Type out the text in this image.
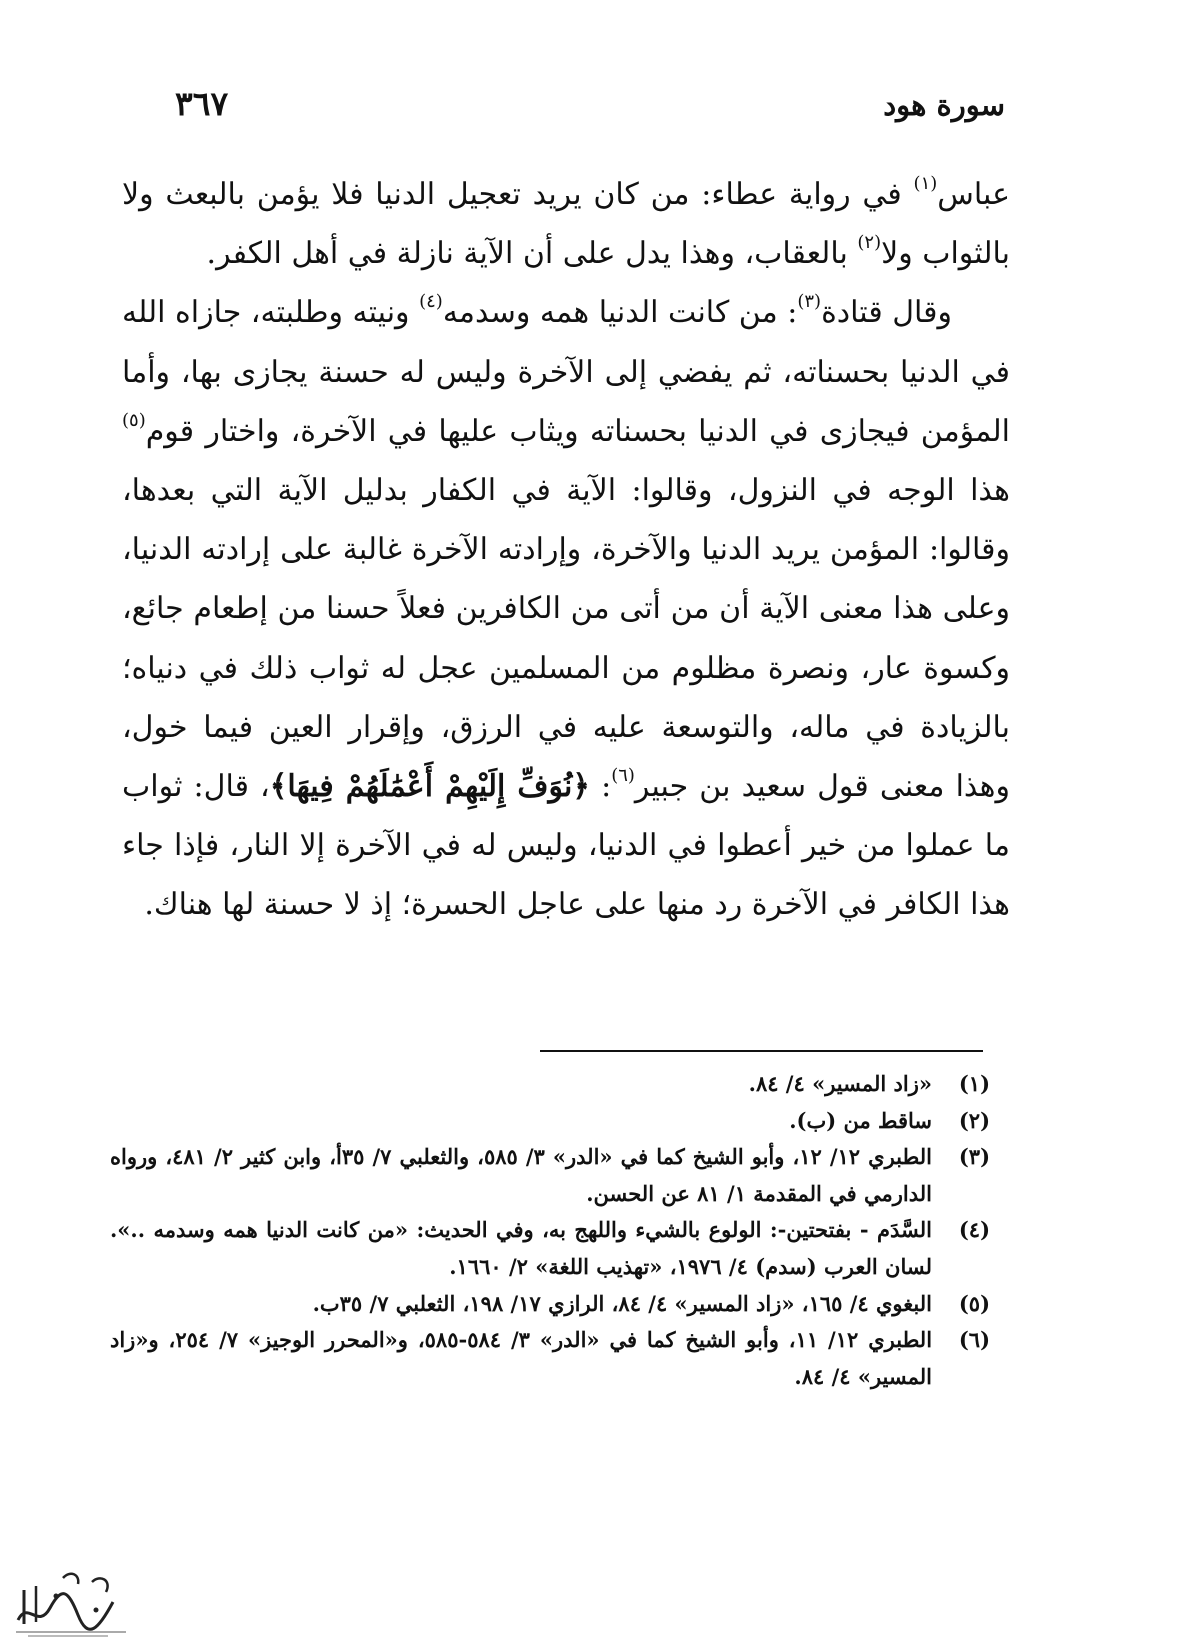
سورة هود
٣٦٧

عباس$^{(١)}$ في رواية عطاء: من كان يريد تعجيل الدنيا فلا يؤمن بالبعث ولا بالثواب ولا$^{(٢)}$ بالعقاب، وهذا يدل على أن الآية نازلة في أهل الكفر.

وقال قتادة$^{(٣)}$: من كانت الدنيا همه وسدمه$^{(٤)}$ ونيته وطلبته، جازاه الله في الدنيا بحسناته، ثم يفضي إلى الآخرة وليس له حسنة يجازى بها، وأما المؤمن فيجازى في الدنيا بحسناته ويثاب عليها في الآخرة، واختار قوم$^{(٥)}$ هذا الوجه في النزول، وقالوا: الآية في الكفار بدليل الآية التي بعدها، وقالوا: المؤمن يريد الدنيا والآخرة، وإرادته الآخرة غالبة على إرادته الدنيا، وعلى هذا معنى الآية أن من أتى من الكافرين فعلاً حسنا من إطعام جائع، وكسوة عار، ونصرة مظلوم من المسلمين عجل له ثواب ذلك في دنياه؛ بالزيادة في ماله، والتوسعة عليه في الرزق، وإقرار العين فيما خول، وهذا معنى قول سعيد بن جبير$^{(٦)}$: ﴿نُوَفِّ إِلَيْهِمْ أَعْمَٰلَهُمْ فِيهَا﴾، قال: ثواب ما عملوا من خير أعطوا في الدنيا، وليس له في الآخرة إلا النار، فإذا جاء هذا الكافر في الآخرة رد منها على عاجل الحسرة؛ إذ لا حسنة لها هناك.

(١)
«زاد المسير» ٤/ ٨٤.
(٢)
ساقط من (ب).
(٣)
الطبري ١٢/ ١٢، وأبو الشيخ كما في «الدر» ٣/ ٥٨٥، والثعلبي ٧/ ٣٥أ، وابن كثير ٢/ ٤٨١، ورواه الدارمي في المقدمة ١/ ٨١ عن الحسن.
(٤)
السَّدَم - بفتحتين-: الولوع بالشيء واللهج به، وفي الحديث: «من كانت الدنيا همه وسدمه ..». لسان العرب (سدم) ٤/ ١٩٧٦، «تهذيب اللغة» ٢/ ١٦٦٠.
(٥)
البغوي ٤/ ١٦٥، «زاد المسير» ٤/ ٨٤، الرازي ١٧/ ١٩٨، الثعلبي ٧/ ٣٥ب.
(٦)
الطبري ١٢/ ١١، وأبو الشيخ كما في «الدر» ٣/ ٥٨٤-٥٨٥، و«المحرر الوجيز» ٧/ ٢٥٤، و«زاد المسير» ٤/ ٨٤.
